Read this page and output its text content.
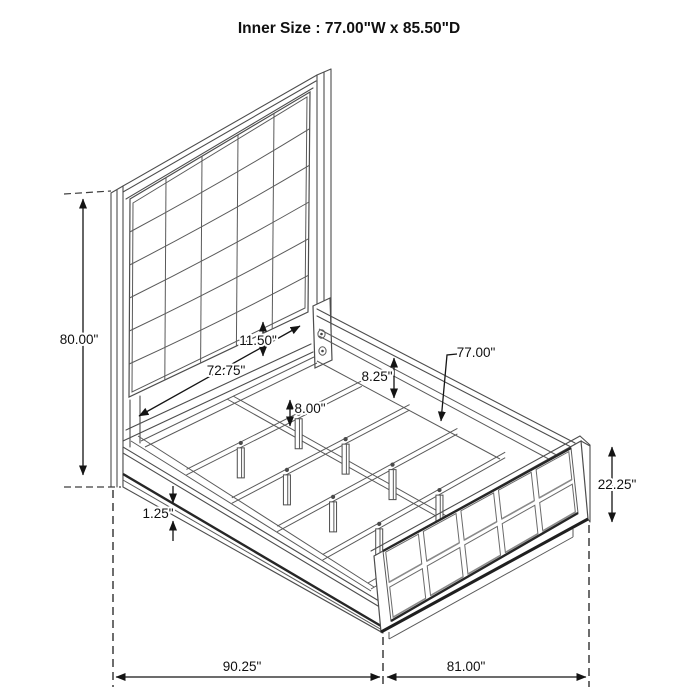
Inner Size : 77.00"W x 85.50"D
80.00"
72.75"
11.50"
8.00"
77.00"
8.25"
22.25"
1.25"
90.25"	81.00"
